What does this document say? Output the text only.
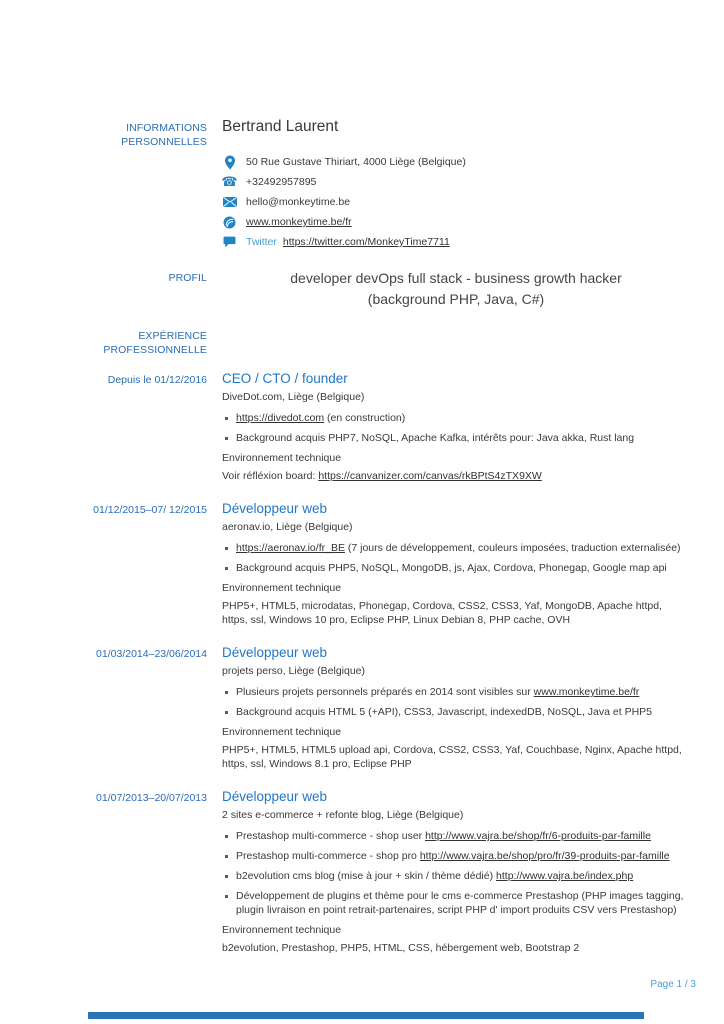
INFORMATIONS PERSONNELLES
Bertrand Laurent
50 Rue Gustave Thiriart, 4000 Liège (Belgique)
☎ +32492957895
hello@monkeytime.be
www.monkeytime.be/fr
Twitter https://twitter.com/MonkeyTime7711
PROFIL	developer devOps full stack - business growth hacker
(background PHP, Java, C#)
EXPÉRIENCE PROFESSIONNELLE
Depuis le 01/12/2016 CEO / CTO / founder

DiveDot.com, Liège (Belgique)

https://divedot.com (en construction)
Background acquis PHP7, NoSQL, Apache Kafka, intérêts pour: Java akka, Rust lang

Environnement technique

Voir réfléxion board: https://canvanizer.com/canvas/rkBPtS4zTX9XW

01/12/2015–07/ 12/2015 Développeur web

aeronav.io, Liège (Belgique)

https://aeronav.io/fr_BE (7 jours de développement, couleurs imposées, traduction externalisée)
Background acquis PHP5, NoSQL, MongoDB, js, Ajax, Cordova, Phonegap, Google map api

Environnement technique

PHP5+, HTML5, microdatas, Phonegap, Cordova, CSS2, CSS3, Yaf, MongoDB, Apache httpd, https, ssl, Windows 10 pro, Eclipse PHP, Linux Debian 8, PHP cache, OVH

01/03/2014–23/06/2014 Développeur web

projets perso, Liège (Belgique)

Plusieurs projets personnels préparés en 2014 sont visibles sur www.monkeytime.be/fr
Background acquis HTML 5 (+API), CSS3, Javascript, indexedDB, NoSQL, Java et PHP5

Environnement technique

PHP5+, HTML5, HTML5 upload api, Cordova, CSS2, CSS3, Yaf, Couchbase, Nginx, Apache httpd, https, ssl, Windows 8.1 pro, Eclipse PHP

01/07/2013–20/07/2013 Développeur web

2 sites e-commerce + refonte blog, Liège (Belgique)

Prestashop multi-commerce - shop user http://www.vajra.be/shop/fr/6-produits-par-famille
Prestashop multi-commerce - shop pro http://www.vajra.be/shop/pro/fr/39-produits-par-famille
b2evolution cms blog (mise à jour + skin / thème dédié) http://www.vajra.be/index.php
Développement de plugins et thème pour le cms e-commerce Prestashop (PHP images tagging, plugin livraison en point retrait-partenaires, script PHP d' import produits CSV vers Prestashop)

Environnement technique

b2evolution, Prestashop, PHP5, HTML, CSS, hébergement web, Bootstrap 2

Page 1 / 3
